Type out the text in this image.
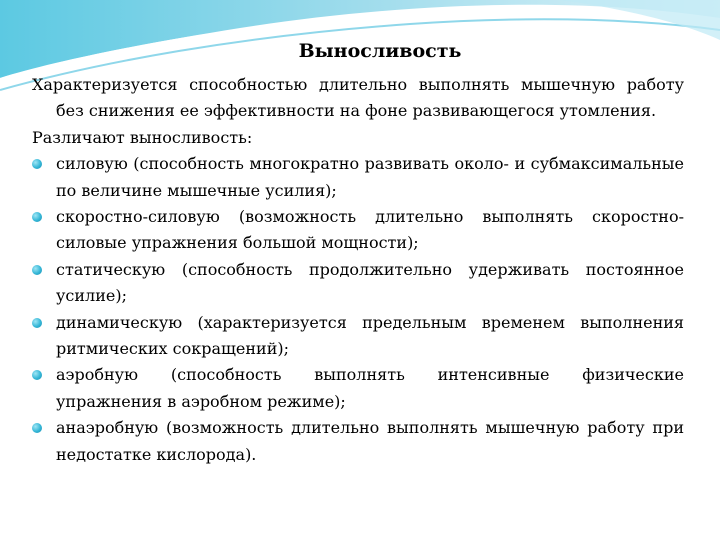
Выносливость

Характеризуется способностью длительно выполнять мышечную работу без снижения ее эффективности на фоне развивающегося утомления.

Различают выносливость:

силовую (способность многократно развивать около- и субмаксимальные по величине мышечные усилия);
скоростно-силовую (возможность длительно выполнять скоростно-силовые упражнения большой мощности);
статическую (способность продолжительно удерживать постоянное усилие);
динамическую (характеризуется предельным временем выполнения ритмических сокращений);
аэробную (способность выполнять интенсивные физические упражнения в аэробном режиме);
анаэробную (возможность длительно выполнять мышечную работу при недостатке кислорода).
